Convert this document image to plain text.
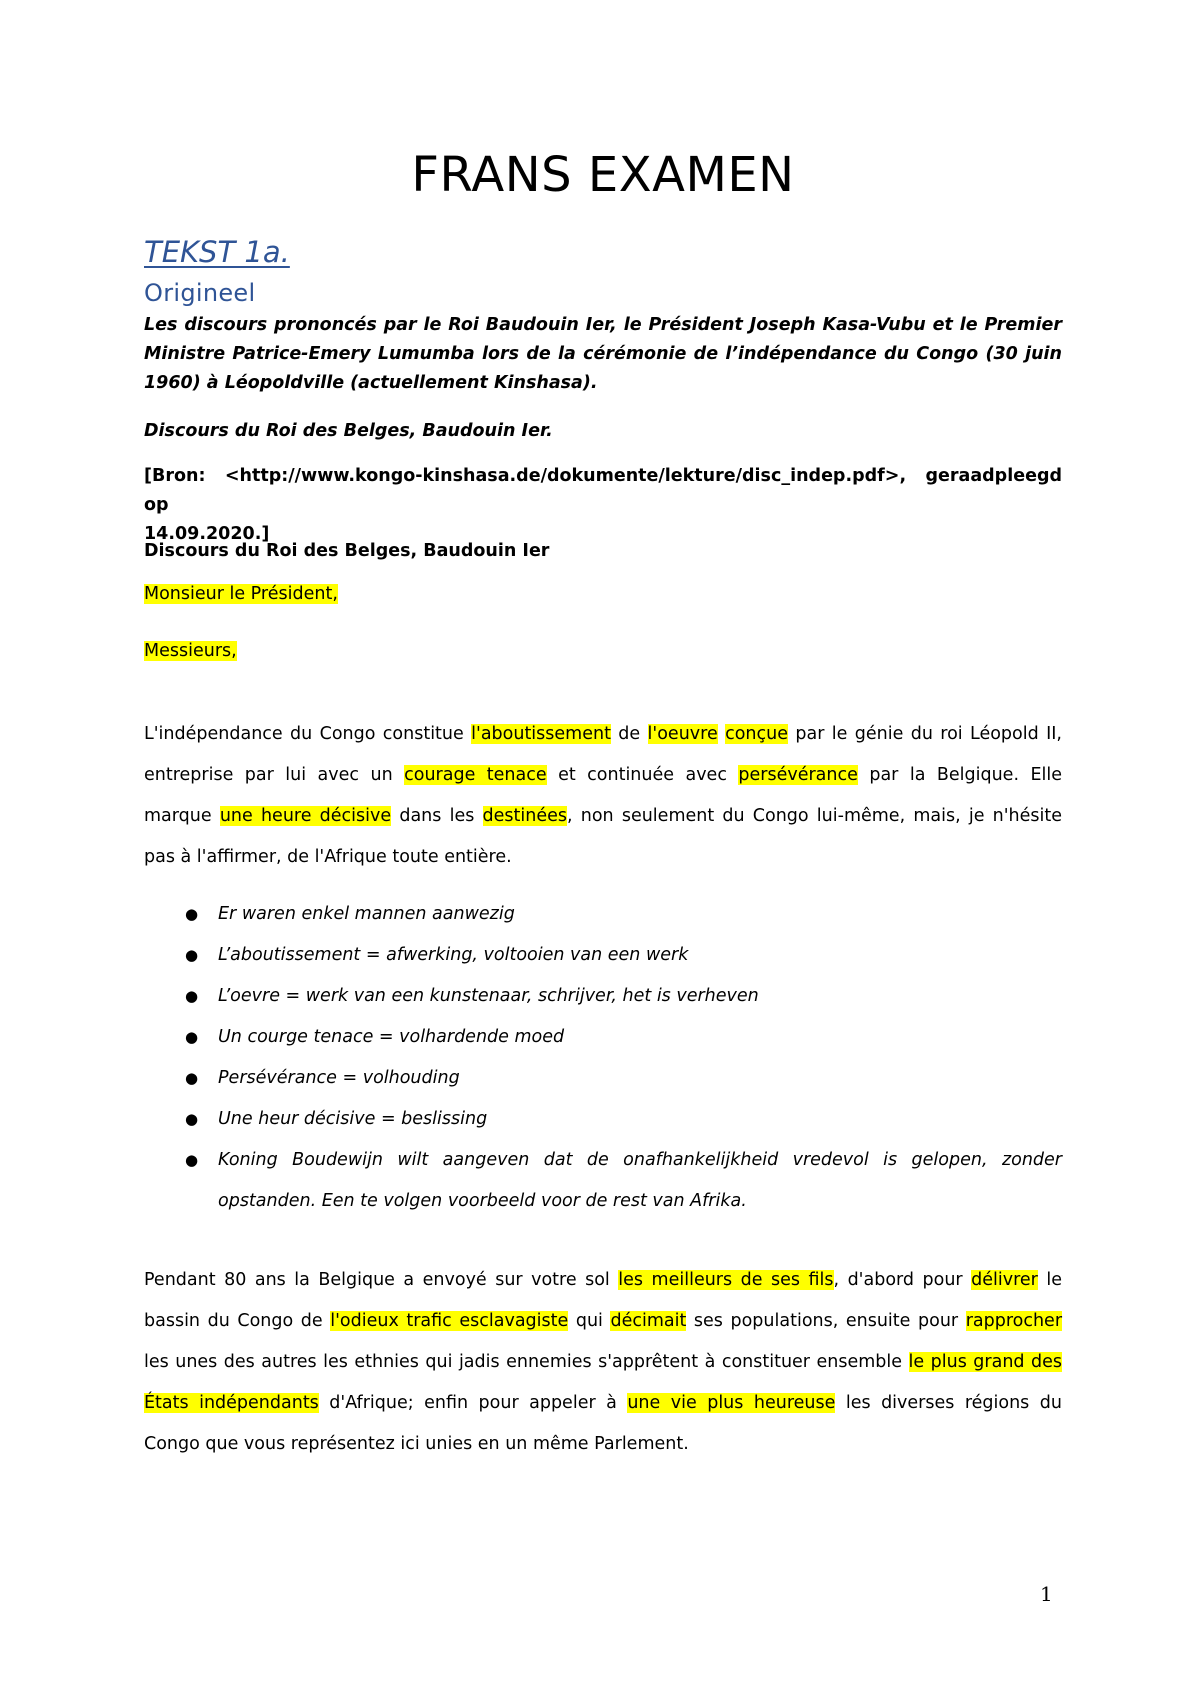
FRANS EXAMEN
TEKST 1a.
Origineel

Les discours prononcés par le Roi Baudouin Ier, le Président Joseph Kasa-Vubu et le Premier Ministre Patrice-Emery Lumumba lors de la cérémonie de l’indépendance du Congo (30 juin 1960) à Léopoldville (actuellement Kinshasa).

Discours du Roi des Belges, Baudouin Ier.

[Bron: <http://www.kongo-kinshasa.de/dokumente/lekture/disc_indep.pdf>, geraadpleegd op
14.09.2020.]

Discours du Roi des Belges, Baudouin Ier

Monsieur le Président,

Messieurs,

L'indépendance du Congo constitue l'aboutissement de l'oeuvre conçue par le génie du roi Léopold II,
entreprise par lui avec un courage tenace et continuée avec persévérance par la Belgique. Elle
marque une heure décisive dans les destinées, non seulement du Congo lui-même, mais, je n'hésite
pas à l'affirmer, de l'Afrique toute entière.
● Er waren enkel mannen aanwezig
● L’aboutissement = afwerking, voltooien van een werk
● L’oevre = werk van een kunstenaar, schrijver, het is verheven
● Un courge tenace = volhardende moed
● Persévérance = volhouding
● Une heur décisive = beslissing
● Koning Boudewijn wilt aangeven dat de onafhankelijkheid vredevol is gelopen, zonder opstanden. Een te volgen voorbeeld voor de rest van Afrika.
Pendant 80 ans la Belgique a envoyé sur votre sol les meilleurs de ses fils, d'abord pour délivrer le
bassin du Congo de l'odieux trafic esclavagiste qui décimait ses populations, ensuite pour rapprocher
les unes des autres les ethnies qui jadis ennemies s'apprêtent à constituer ensemble le plus grand des
États indépendants d'Afrique; enfin pour appeler à une vie plus heureuse les diverses régions du
Congo que vous représentez ici unies en un même Parlement.
1
